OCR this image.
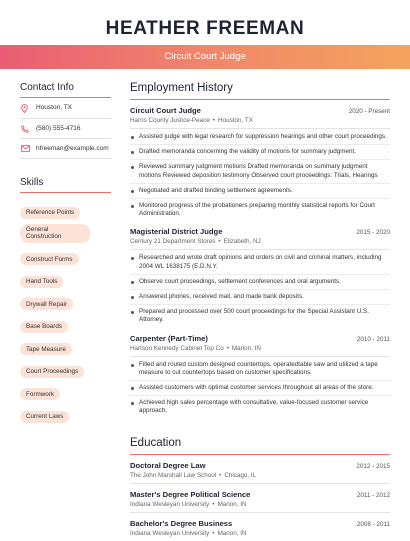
HEATHER FREEMAN
Circuit Court Judge
Contact Info
Houston, TX
(580) 555-4716
hfreeman@example.com
Skills
Reference Points
General Construction
Construct Forms
Hand Tools
Drywall Repair
Base Boards
Tape Measure
Court Proceedings
Formwork
Current Laws
Employment History
Circuit Court Judge	2020 - Present
Harris County Justice-Peace • Houston, TX
Assisted judge with legal research for suppression hearings and other court proceedings.
Drafted memoranda concerning the validity of motions for summary judgment.
Reviewed summary judgment motions Drafted memoranda on summary judgment motions Reviewed deposition testimony Observed court proceedings: Trials, Hearings
Negotiated and drafted binding settlement agreements.
Monitored progress of the probationers preparing monthly statistical reports for Court Administration.
Magisterial District Judge	2015 - 2020
Century 21 Department Stores • Elizabeth, NJ
Researched and wrote draft opinions and orders on civil and criminal matters, including 2004 WL 1638175 (E.D.N.Y.
Observe court proceedings, settlement conferences and oral arguments.
Answered phones, received mail, and made bank deposits.
Prepared and processed over 500 court proceedings for the Special Assistant U.S. Attorney.
Carpenter (Part-Time)	2010 - 2011
Hartson Kennedy Cabinet Top Co • Marion, IN
Filled and routed custom designed countertops, operatedtable saw and utilized a tape measure to cut countertops based on customer specifications.
Assisted customers with optimal customer services throughout all areas of the store.
Achieved high sales percentage with consultative, value-focused customer service approach.
Education
Doctoral Degree Law	2012 - 2015
The John Marshall Law School • Chicago, IL
Master's Degree Political Science	2011 - 2012
Indiana Wesleyan University • Marion, IN
Bachelor's Degree Business	2008 - 2011
Indiana Wesleyan University • Marion, IN
